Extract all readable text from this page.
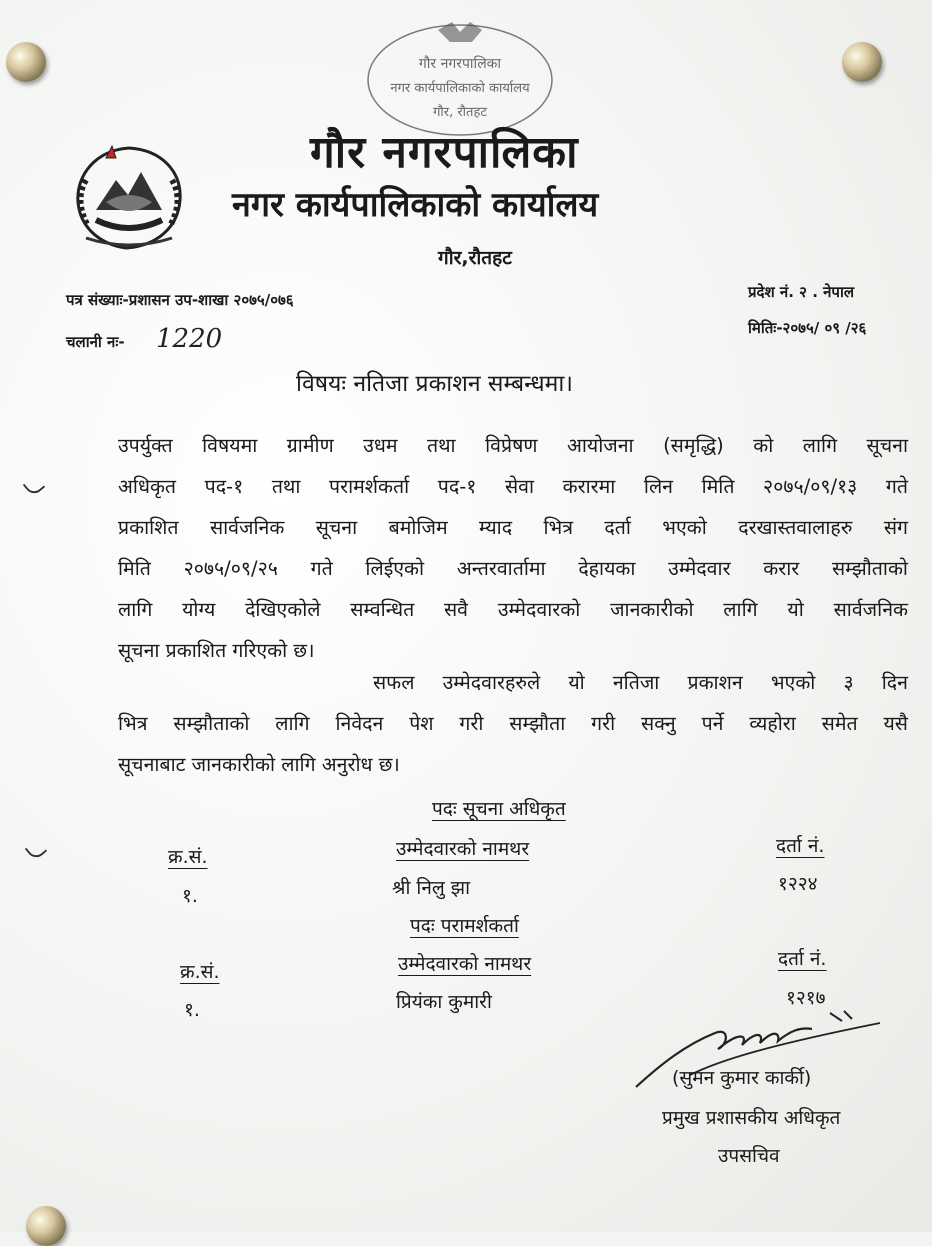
गौर नगरपालिका
नगर कार्यपालिकाको कार्यालय
गौर, रौतहट
गौर नगरपालिका
नगर कार्यपालिकाको कार्यालय
गौर,रौतहट
पत्र संख्याः-प्रशासन उप-शाखा २०७५/०७६	प्रदेश नं. २ . नेपाल
चलानी नः- 1220	मितिः-२०७५/ ०९ /२६
विषयः नतिजा प्रकाशन सम्बन्धमा।
उपर्युक्त विषयमा ग्रामीण उधम तथा विप्रेषण आयोजना (समृद्धि) को लागि सूचना
अधिकृत पद-१ तथा परामर्शकर्ता पद-१ सेवा करारमा लिन मिति २०७५/०९/१३ गते
प्रकाशित सार्वजनिक सूचना बमोजिम म्याद भित्र दर्ता भएको दरखास्तवालाहरु संग
मिति २०७५/०९/२५ गते लिईएको अन्तरवार्तामा देहायका उम्मेदवार करार सम्झौताको
लागि योग्य देखिएकोले सम्वन्धित सवै उम्मेदवारको जानकारीको लागि यो सार्वजनिक
सूचना प्रकाशित गरिएको छ।
सफल उम्मेदवारहरुले यो नतिजा प्रकाशन भएको ३ दिन
भित्र सम्झौताको लागि निवेदन पेश गरी सम्झौता गरी सक्नु पर्ने व्यहोरा समेत यसै
सूचनाबाट जानकारीको लागि अनुरोध छ।
पदः सूचना अधिकृत
क्र.सं.	उम्मेदवारको नामथर	दर्ता नं.
१.	श्री निलु झा	१२२४
पदः परामर्शकर्ता
क्र.सं.	उम्मेदवारको नामथर	दर्ता नं.
१.	प्रियंका कुमारी	१२१७
(सुमन कुमार कार्की)
प्रमुख प्रशासकीय अधिकृत
उपसचिव
